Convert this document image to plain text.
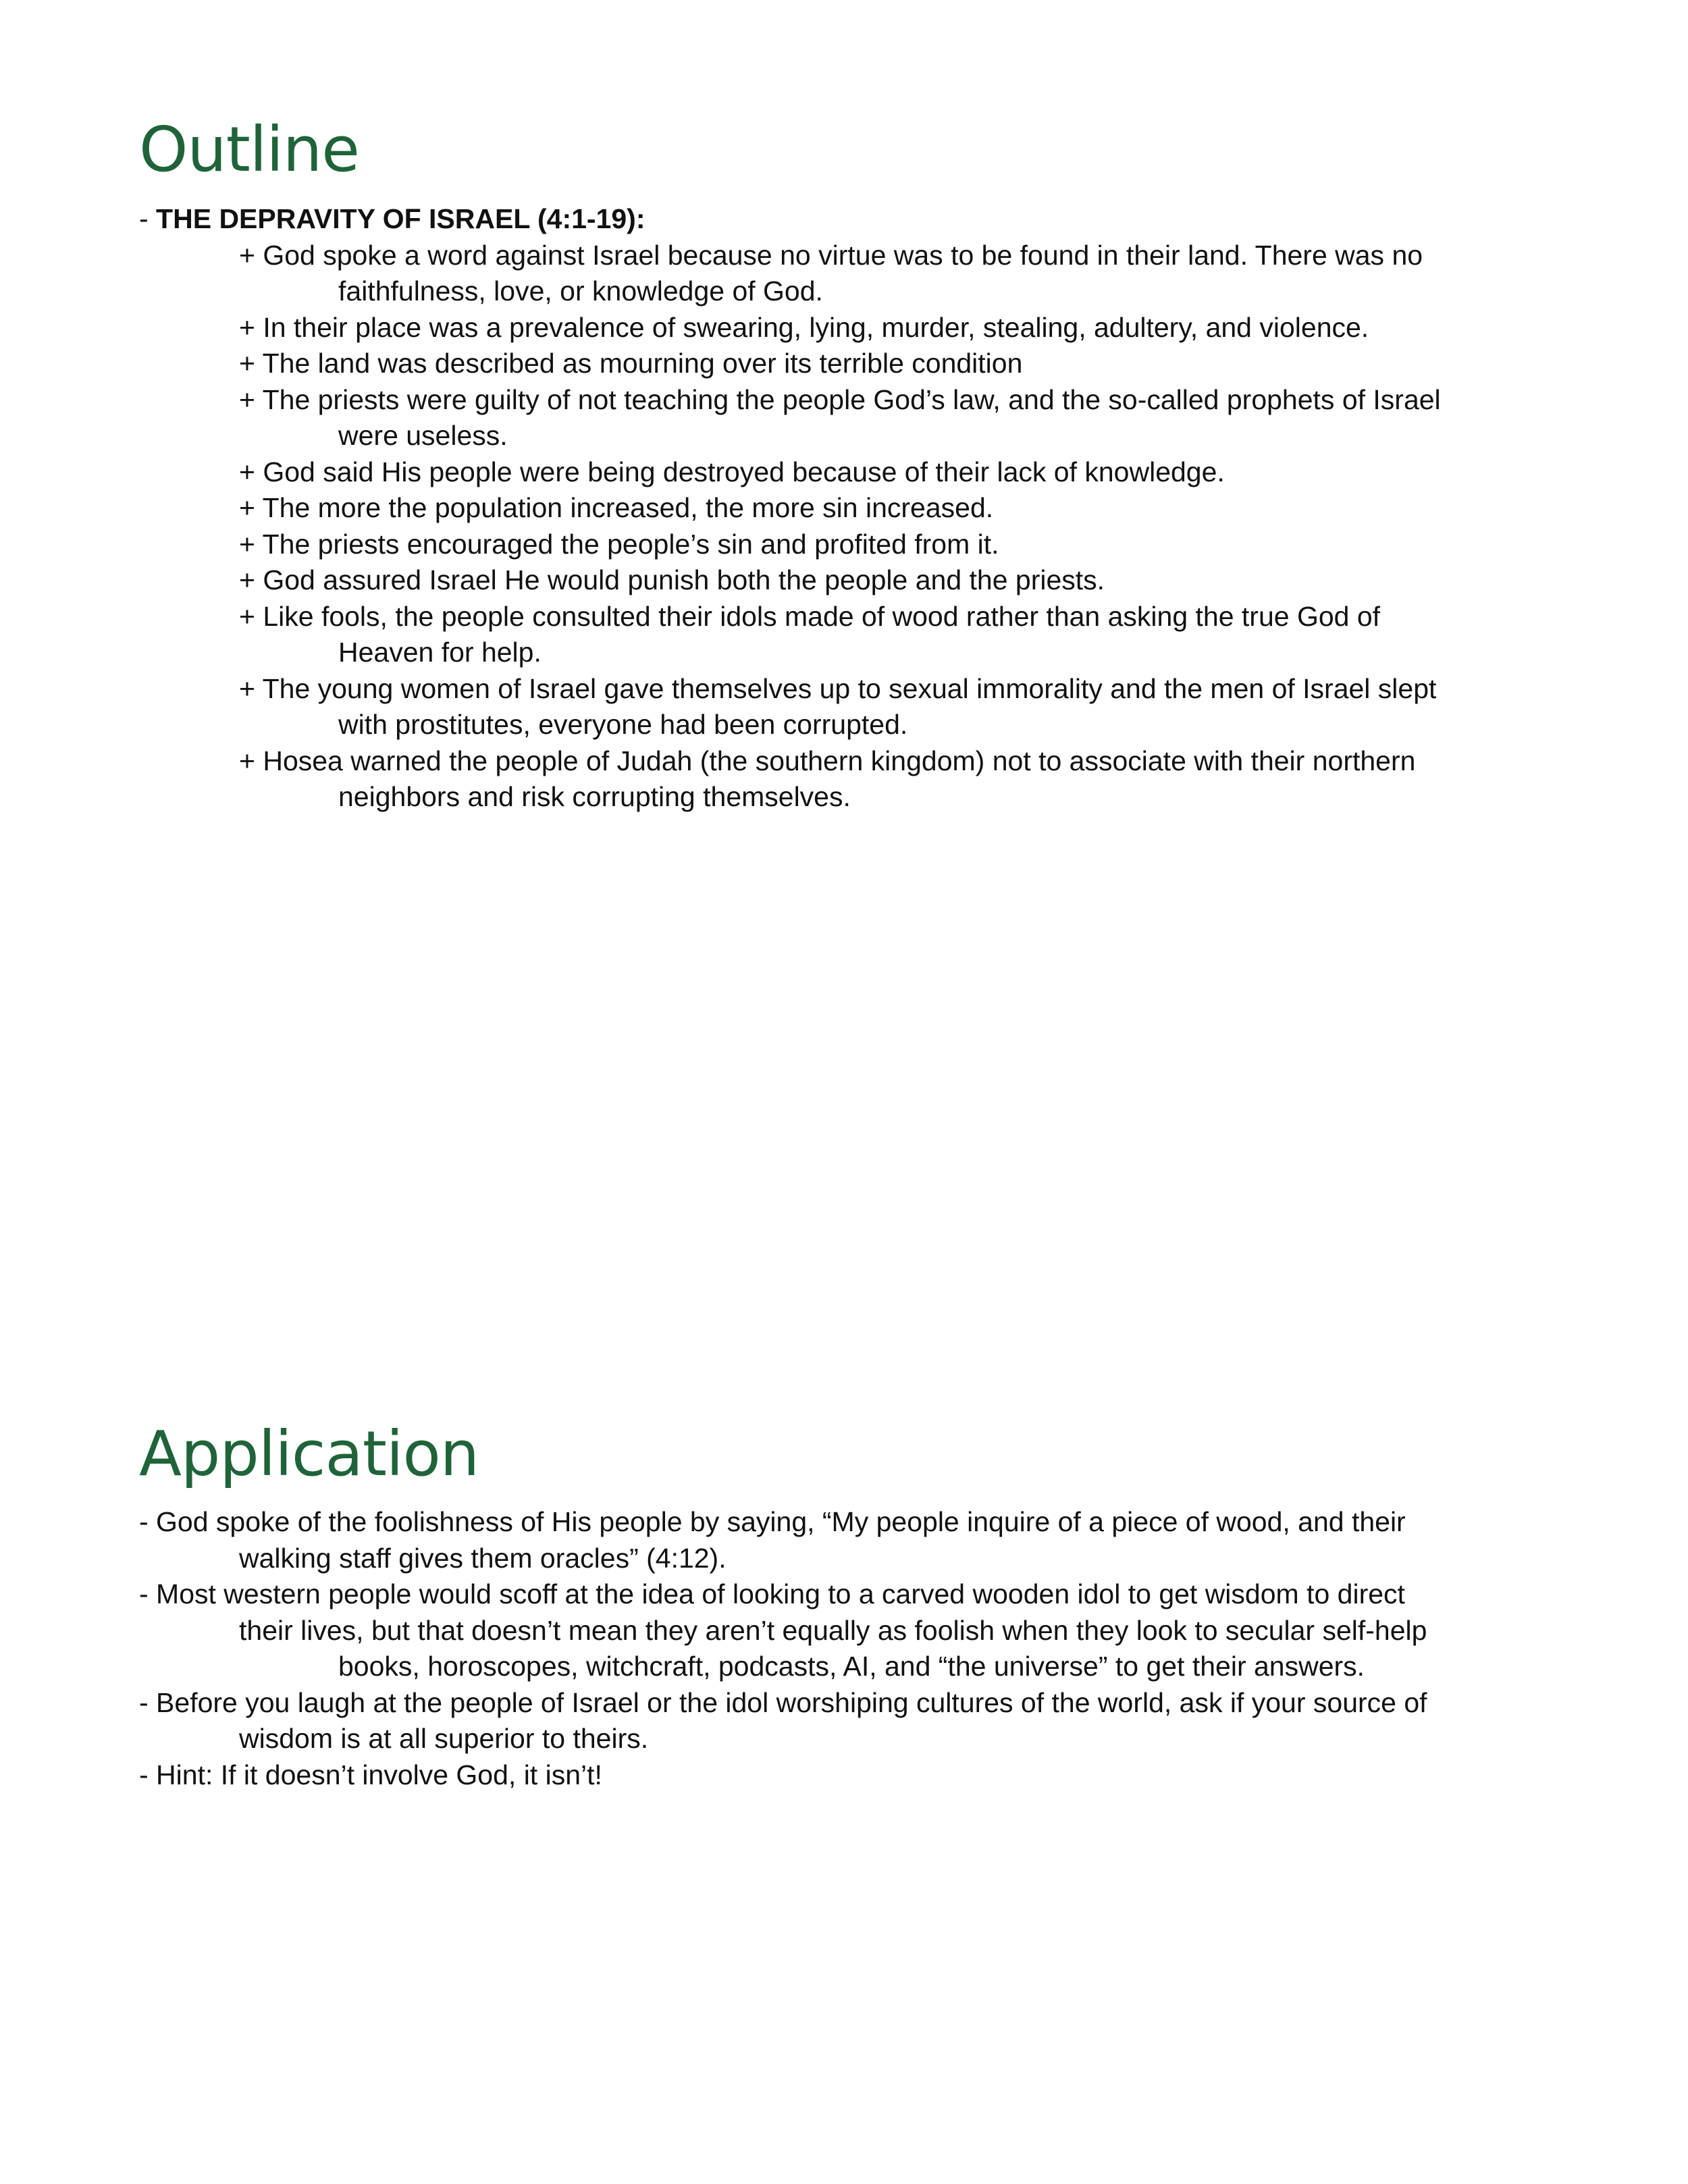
Outline
- THE DEPRAVITY OF ISRAEL (4:1-19):
+ God spoke a word against Israel because no virtue was to be found in their land. There was no
faithfulness, love, or knowledge of God.
+ In their place was a prevalence of swearing, lying, murder, stealing, adultery, and violence.
+ The land was described as mourning over its terrible condition
+ The priests were guilty of not teaching the people God’s law, and the so-called prophets of Israel
were useless.
+ God said His people were being destroyed because of their lack of knowledge.
+ The more the population increased, the more sin increased.
+ The priests encouraged the people’s sin and profited from it.
+ God assured Israel He would punish both the people and the priests.
+ Like fools, the people consulted their idols made of wood rather than asking the true God of
Heaven for help.
+ The young women of Israel gave themselves up to sexual immorality and the men of Israel slept
with prostitutes, everyone had been corrupted.
+ Hosea warned the people of Judah (the southern kingdom) not to associate with their northern
neighbors and risk corrupting themselves.
Application
- God spoke of the foolishness of His people by saying, “My people inquire of a piece of wood, and their
walking staff gives them oracles” (4:12).
- Most western people would scoff at the idea of looking to a carved wooden idol to get wisdom to direct
their lives, but that doesn’t mean they aren’t equally as foolish when they look to secular self-help
books, horoscopes, witchcraft, podcasts, AI, and “the universe” to get their answers.
- Before you laugh at the people of Israel or the idol worshiping cultures of the world, ask if your source of
wisdom is at all superior to theirs.
- Hint: If it doesn’t involve God, it isn’t!
